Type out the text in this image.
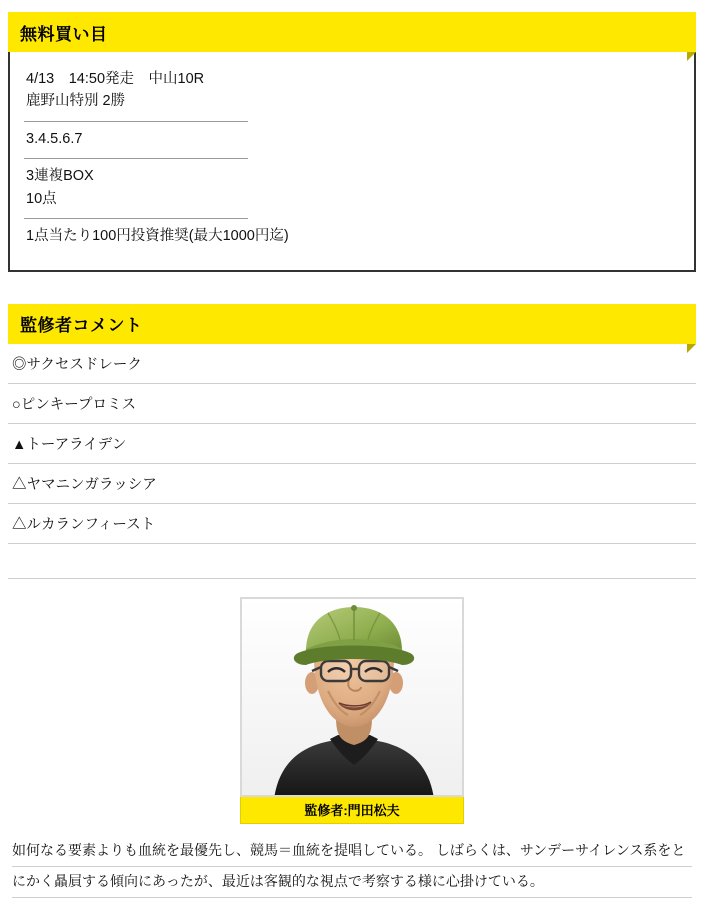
無料買い目
4/13　14:50発走　中山10R
鹿野山特別 2勝
3.4.5.6.7
3連複BOX
10点
1点当たり100円投資推奨(最大1000円迄)
監修者コメント
◎サクセスドレーク
○ピンキープロミス
▲トーアライデン
△ヤマニンガラッシア
△ルカランフィースト

監修者:門田松夫
如何なる要素よりも血統を最優先し、競馬＝血統を提唱している。 しばらくは、サンデーサイレンス系をと
にかく贔屓する傾向にあったが、最近は客観的な視点で考察する様に心掛けている。
